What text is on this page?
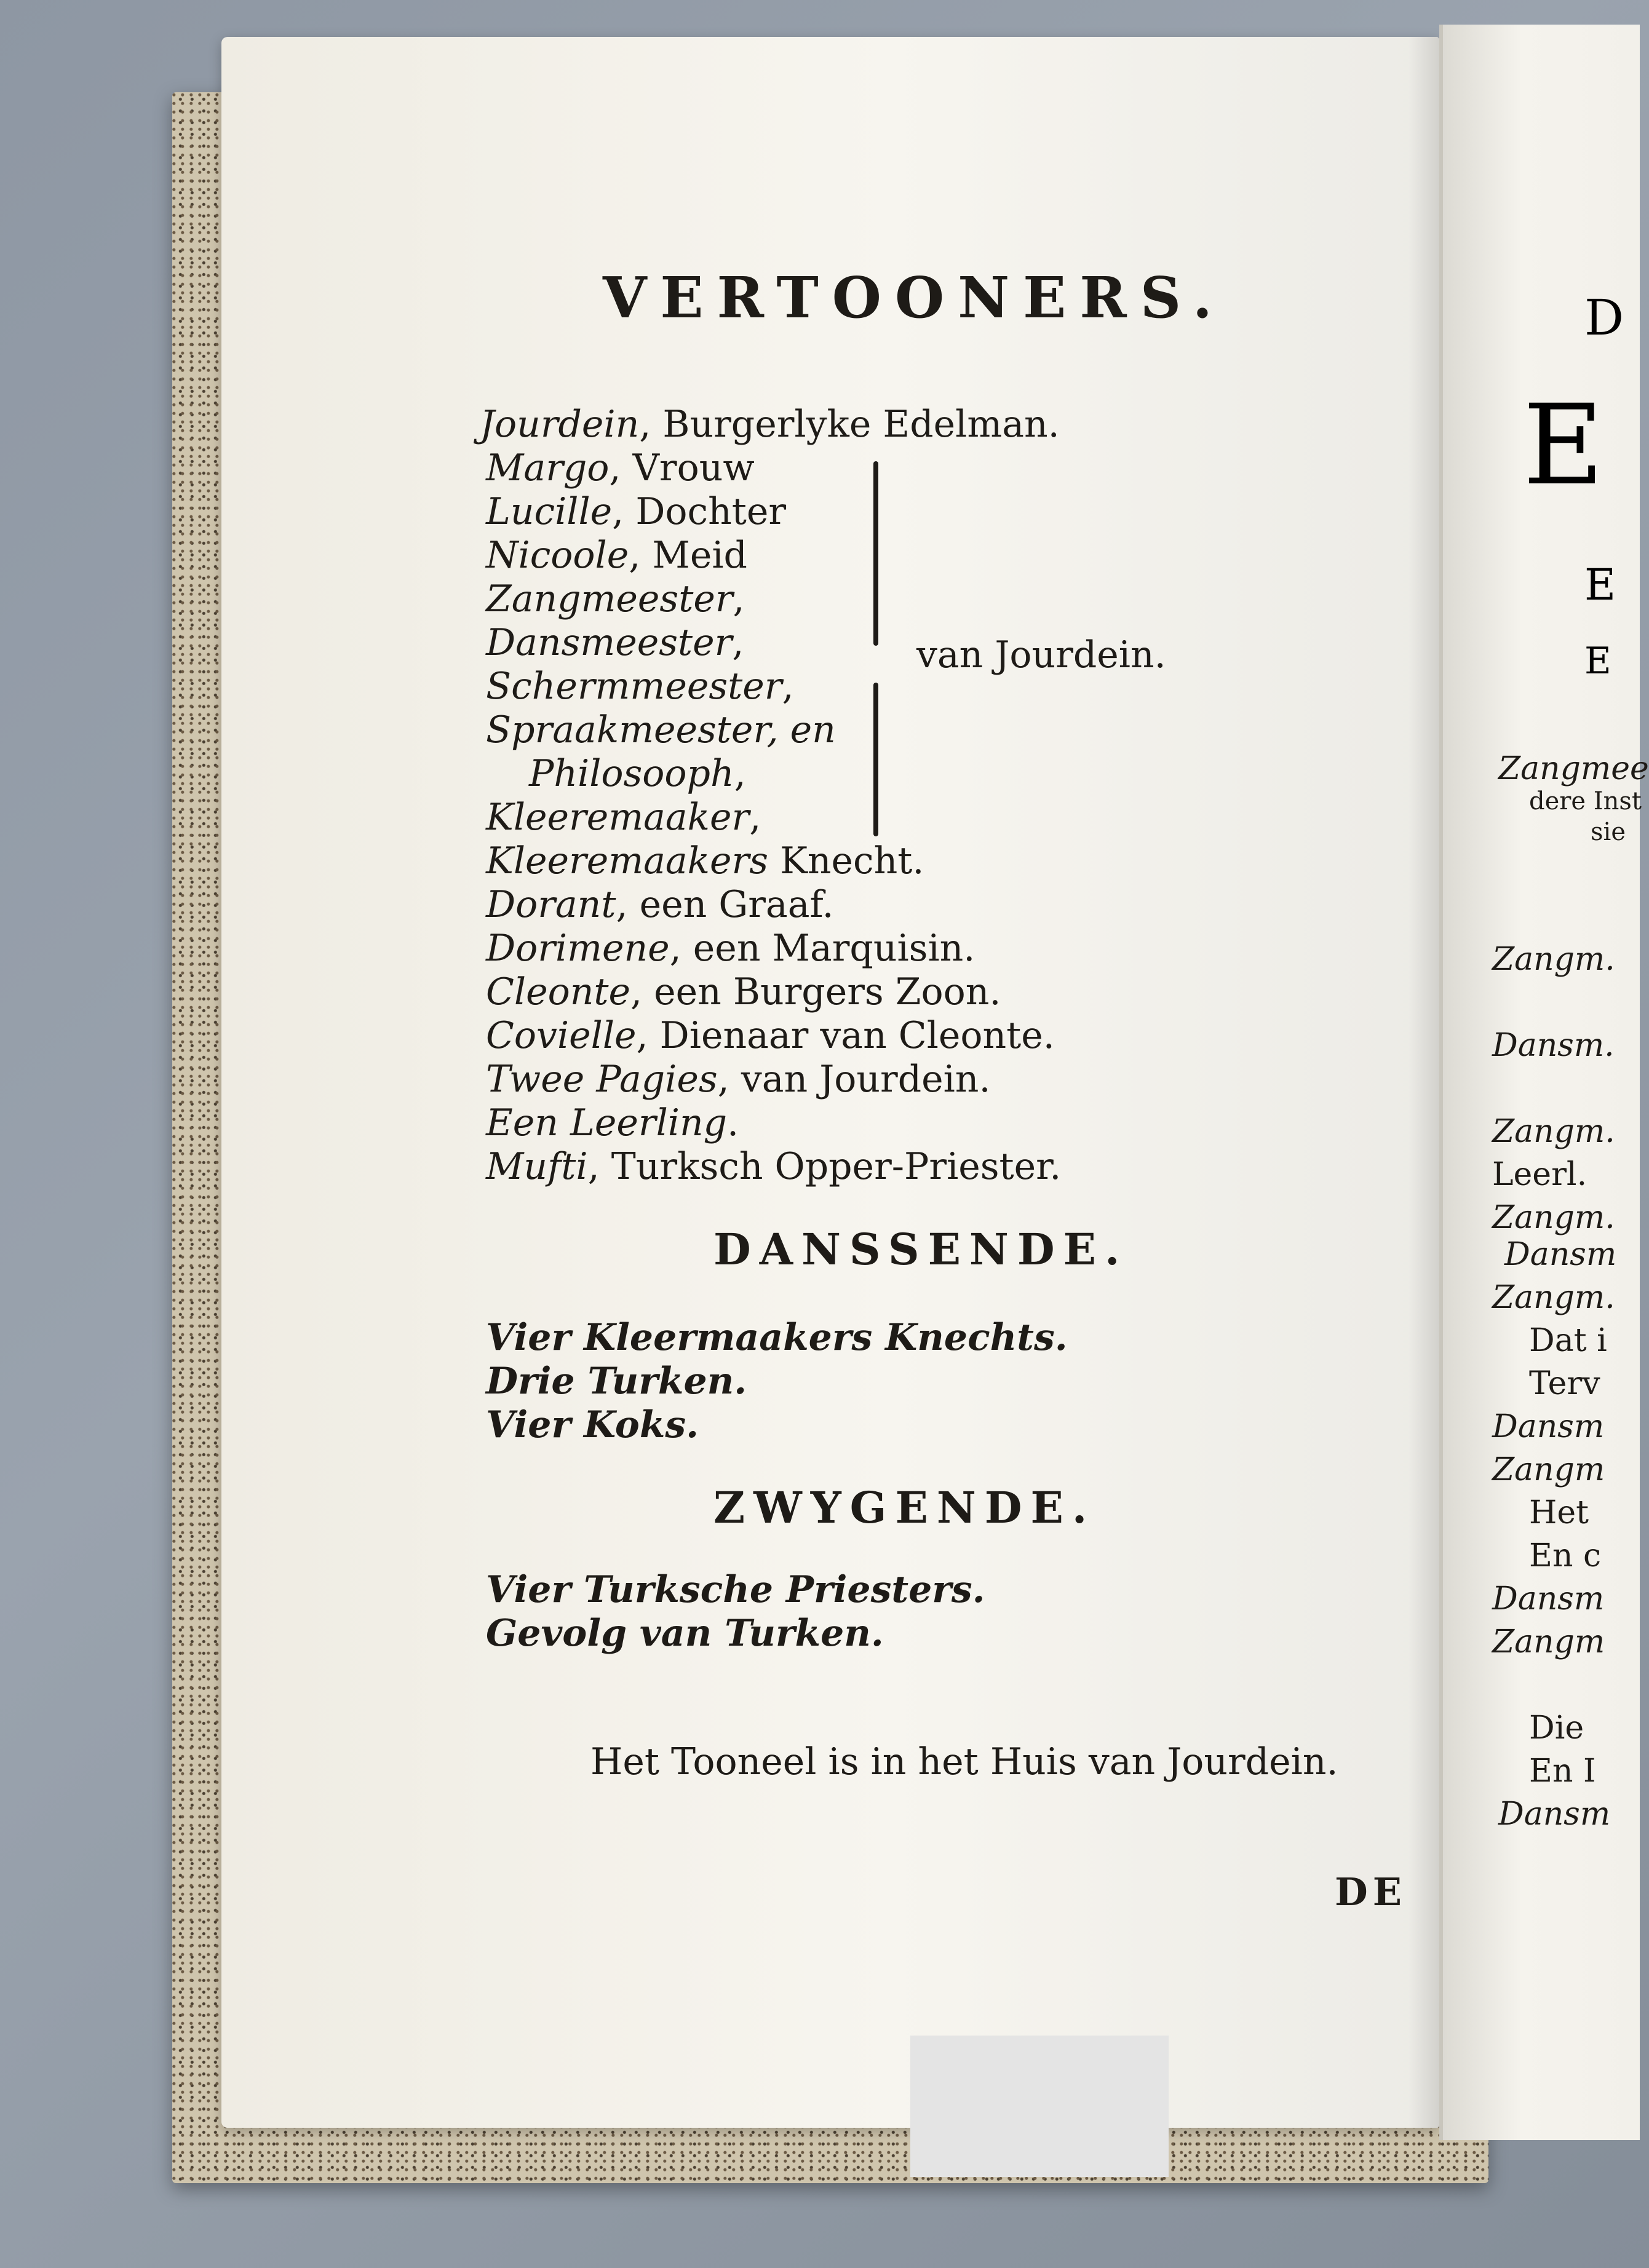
D
E
E
E
Zangmee
dere Inst
sie
Zangm.
Dansm.
Zangm.
Leerl.
Zangm.
Dansm
Zangm.
Dat i
Terv
Dansm
Zangm
Het
En c
Dansm
Zangm
Die
En I
Dansm
VERTOONERS.
Jourdein, Burgerlyke Edelman.
Margo, Vrouw
Lucille, Dochter
Nicoole, Meid
Zangmeester,
Dansmeester,
Schermmeester,
Spraakmeester, en
Philosooph,
Kleeremaaker,
Kleeremaakers Knecht.
Dorant, een Graaf.
Dorimene, een Marquisin.
Cleonte, een Burgers Zoon.
Covielle, Dienaar van Cleonte.
Twee Pagies, van Jourdein.
Een Leerling.
Mufti, Turksch Opper-Priester.
van Jourdein.
DANSSENDE.
Vier Kleermaakers Knechts.
Drie Turken.
Vier Koks.
ZWYGENDE.
Vier Turksche Priesters.
Gevolg van Turken.
Het Tooneel is in het Huis van Jourdein.
DE
